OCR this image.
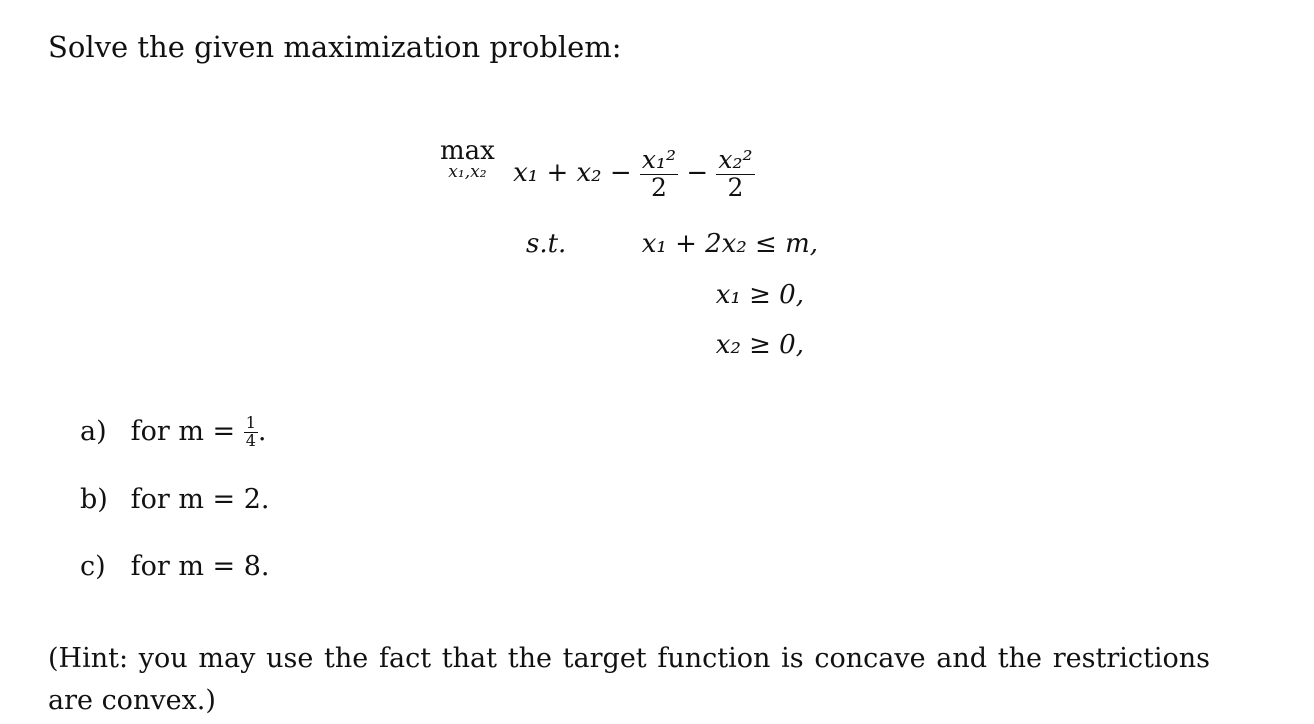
Solve the given maximization problem:
max
x₁,x₂	$x_1 + x_2 - \frac{\text{x₁²}}{2} - \frac{\text{x₂²}}{2}$
s.t.	x₁ + 2x₂ ≤ m,
x₁ ≥ 0,
x₂ ≥ 0,
a) for $m = \frac{1}{4}$ .
b) for m = 2.
c) for m = 8.
(Hint: you may use the fact that the target function is concave and the restrictions are convex.)
